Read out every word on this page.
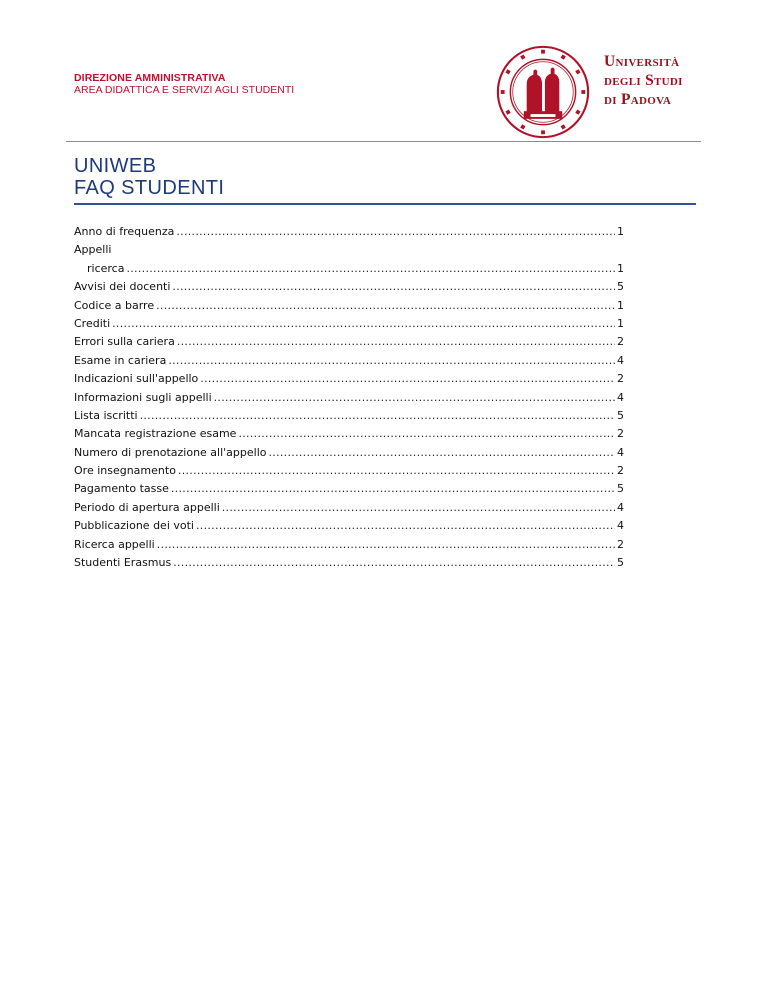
DIREZIONE AMMINISTRATIVA
AREA DIDATTICA E SERVIZI AGLI STUDENTI
Università
degli Studi
di Padova
UNIWEB
FAQ STUDENTI
Anno di frequenza .....	1
Appelli
ricerca .....	1
Avvisi dei docenti .....	5
Codice a barre .....	1
Crediti .....	1
Errori sulla cariera .....	2
Esame in cariera .....	4
Indicazioni sull'appello .....	2
Informazioni sugli appelli .....	4
Lista iscritti .....	5
Mancata registrazione esame .....	2
Numero di prenotazione all'appello .....	4
Ore insegnamento .....	2
Pagamento tasse .....	5
Periodo di apertura appelli .....	4
Pubblicazione dei voti .....	4
Ricerca appelli .....	2
Studenti Erasmus .....	5
